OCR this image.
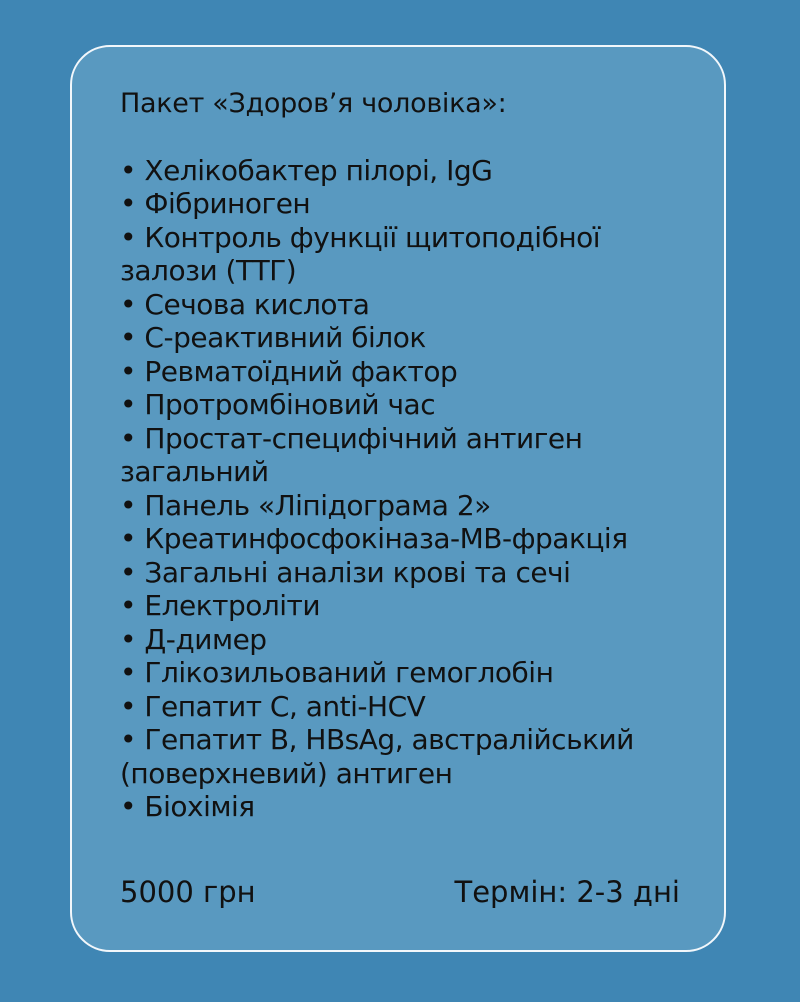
Пакет «Здоров’я чоловіка»:
• Хелікобактер пілорі, IgG
• Фібриноген
• Контроль функції щитоподібної залози (ТТГ)
• Сечова кислота
• С-реактивний білок
• Ревматоїдний фактор
• Протромбіновий час
• Простат-специфічний антиген загальний
• Панель «Ліпідограма 2»
• Креатинфосфокіназа-МВ-фракція
• Загальні аналізи крові та сечі
• Електроліти
• Д-димер
• Глікозильований гемоглобін
• Гепатит С, anti-HCV
• Гепатит В, HBsAg, австралійський (поверхневий) антиген
• Біохімія
5000 грн	Термін: 2-3 дні
